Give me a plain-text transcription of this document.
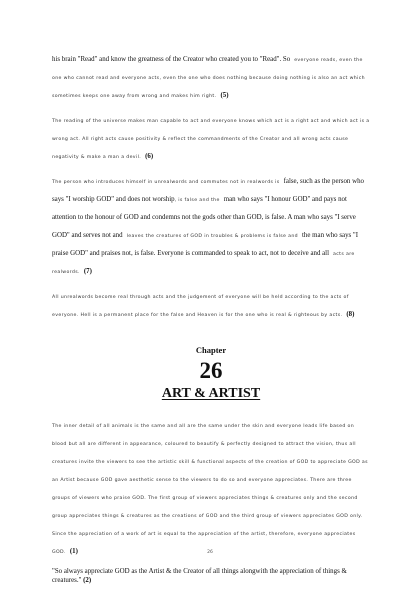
his brain "Read" and know the greatness of the Creator who created you to "Read". So everyone reads, even the one who cannot read and everyone acts, even the one who does nothing because doing nothing is also an act which sometimes keeps one away from wrong and makes him right. (5)

The reading of the universe makes man capable to act and everyone knows which act is a right act and which act is a wrong act. All right acts cause positivity & reflect the commandments of the Creator and all wrong acts cause negativity & make a man a devil. (6)

The person who introduces himself in unrealwords and commutes not in realwords is false, such as the person who says "I worship GOD" and does not worship, is false and the man who says "I honour GOD" and pays not attention to the honour of GOD and condemns not the gods other than GOD, is false. A man who says "I serve GOD" and serves not and leaves the creatures of GOD in troubles & problems is false and the man who says "I praise GOD" and praises not, is false. Everyone is commanded to speak to act, not to deceive and all acts are realwords. (7)

All unrealwords become real through acts and the judgement of everyone will be held according to the acts of everyone. Hell is a permanent place for the false and Heaven is for the one who is real & righteous by acts. (8)

Chapter
26
ART & ARTIST

The inner detail of all animals is the same and all are the same under the skin and everyone leads life based on blood but all are different in appearance, coloured to beautify & perfectly designed to attract the vision, thus all creatures invite the viewers to see the artistic skill & functional aspects of the creation of GOD to appreciate GOD as an Artist because GOD gave aesthetic sense to the viewers to do so and everyone appreciates. There are three groups of viewers who praise GOD. The first group of viewers appreciates things & creatures only and the second group appreciates things & creatures as the creations of GOD and the third group of viewers appreciates GOD only. Since the appreciation of a work of art is equal to the appreciation of the artist, therefore, everyone appreciates GOD. (1)

"So always appreciate GOD as the Artist & the Creator of all things alongwith the appreciation of things & creatures." (2)

26
